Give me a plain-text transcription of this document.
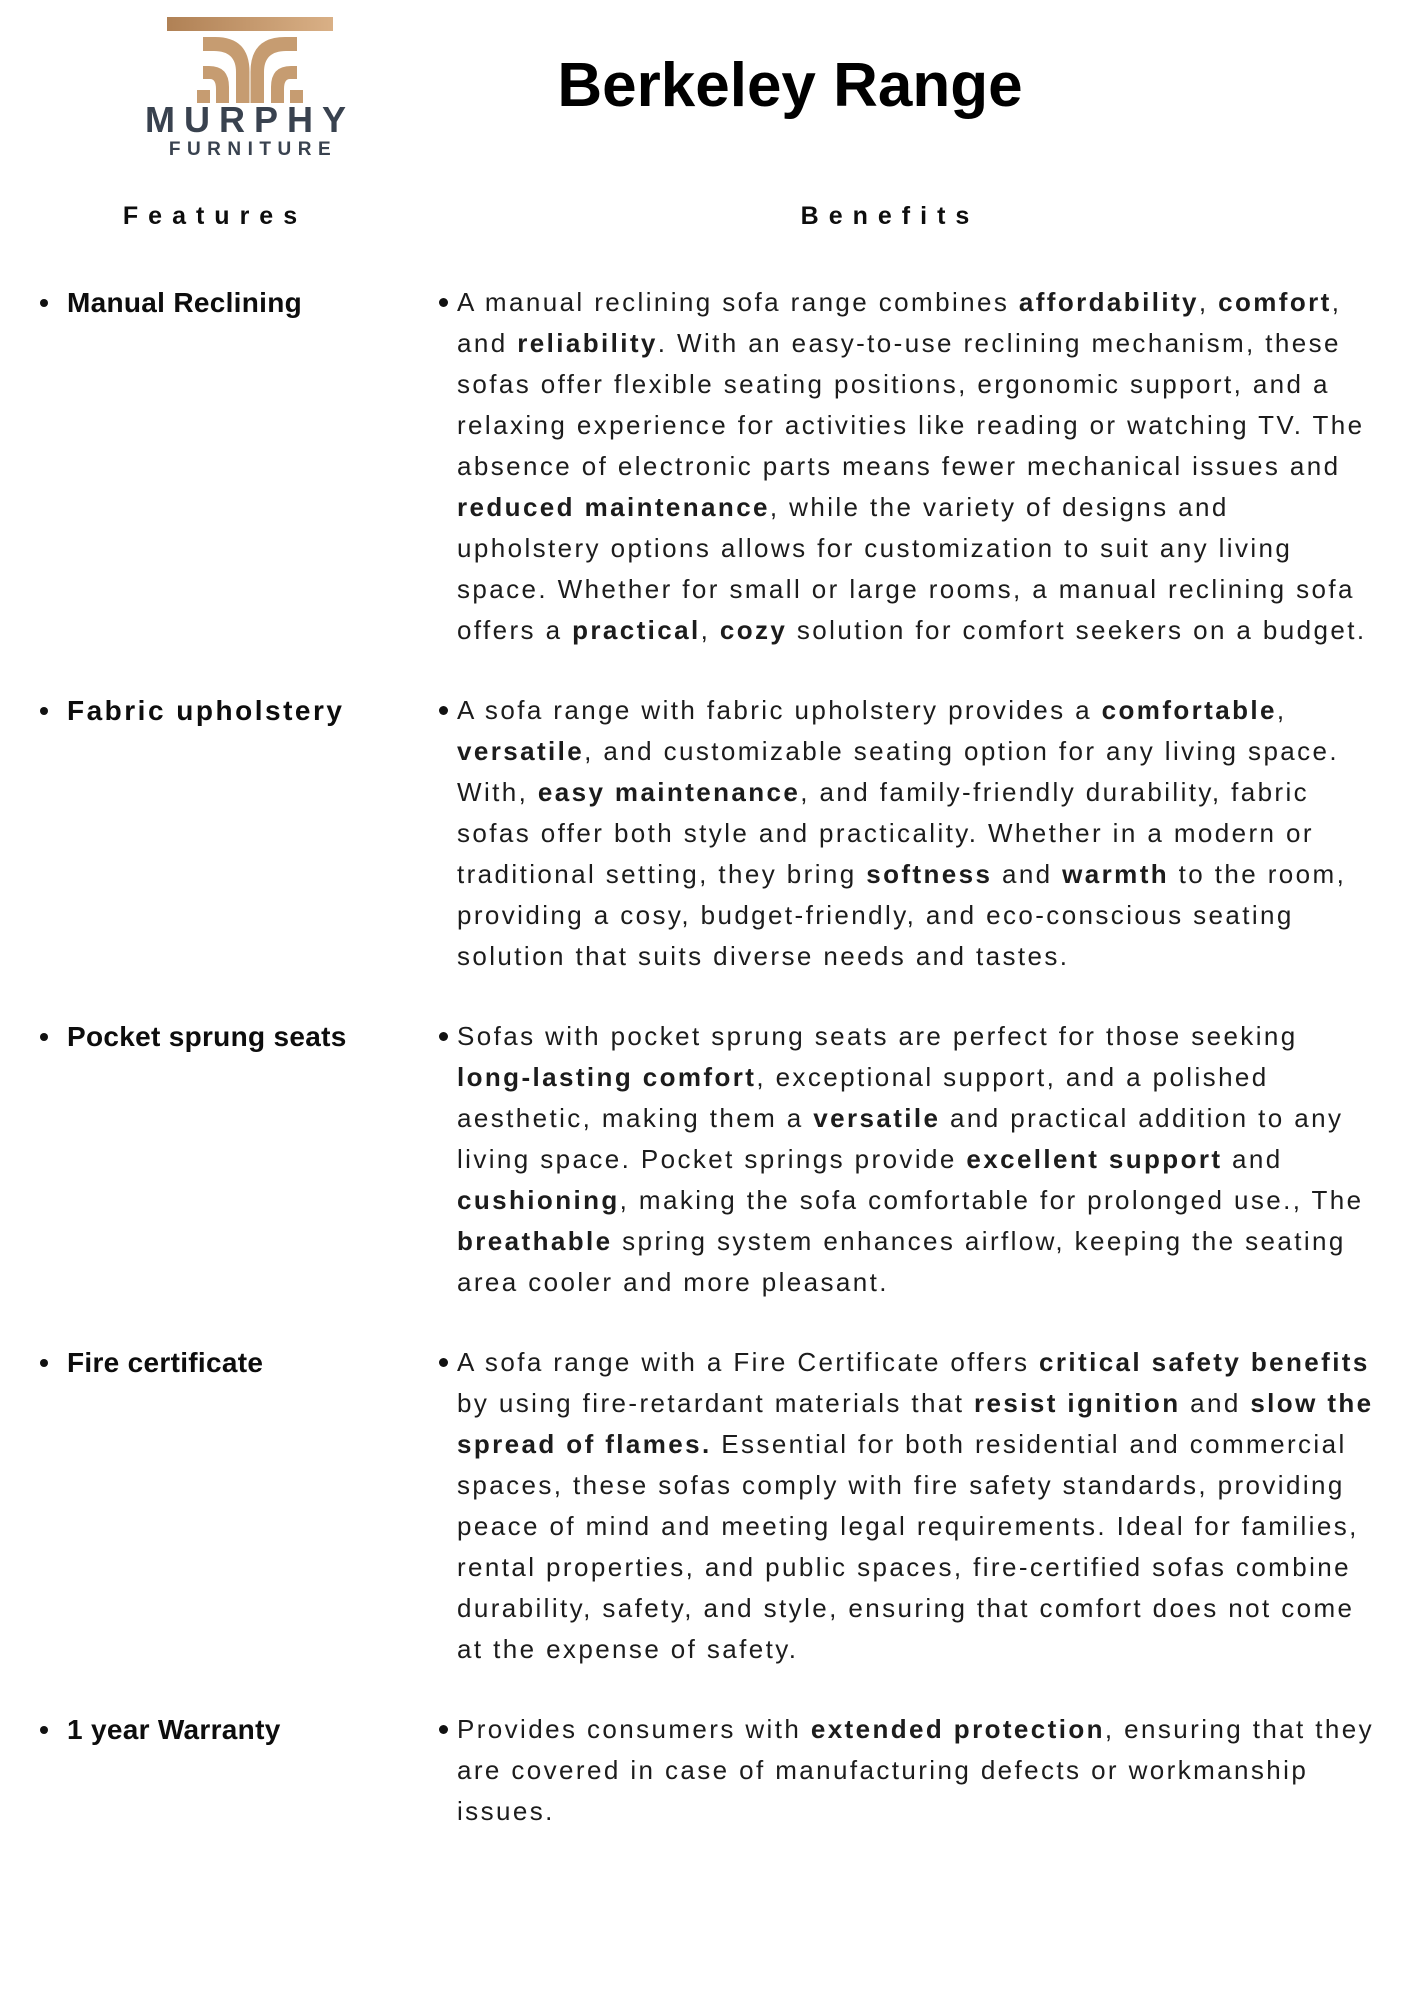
MURPHY
FURNITURE
Berkeley Range
Features	Benefits
Manual Reclining	A manual reclining sofa range combines affordability, comfort, and reliability. With an easy-to-use reclining mechanism, these sofas offer flexible seating positions, ergonomic support, and a relaxing experience for activities like reading or watching TV. The absence of electronic parts means fewer mechanical issues and reduced maintenance, while the variety of designs and upholstery options allows for customization to suit any living space. Whether for small or large rooms, a manual reclining sofa offers a practical, cozy solution for comfort seekers on a budget.
Fabric upholstery	A sofa range with fabric upholstery provides a comfortable, versatile, and customizable seating option for any living space. With, easy maintenance, and family-friendly durability, fabric sofas offer both style and practicality. Whether in a modern or traditional setting, they bring softness and warmth to the room, providing a cosy, budget-friendly, and eco-conscious seating solution that suits diverse needs and tastes.
Pocket sprung seats	Sofas with pocket sprung seats are perfect for those seeking long-lasting comfort, exceptional support, and a polished aesthetic, making them a versatile and practical addition to any living space. Pocket springs provide excellent support and cushioning, making the sofa comfortable for prolonged use., The breathable spring system enhances airflow, keeping the seating area cooler and more pleasant.
Fire certificate	A sofa range with a Fire Certificate offers critical safety benefits by using fire-retardant materials that resist ignition and slow the spread of flames. Essential for both residential and commercial spaces, these sofas comply with fire safety standards, providing peace of mind and meeting legal requirements. Ideal for families, rental properties, and public spaces, fire-certified sofas combine durability, safety, and style, ensuring that comfort does not come at the expense of safety.
1 year Warranty	Provides consumers with extended protection, ensuring that they are covered in case of manufacturing defects or workmanship issues.
